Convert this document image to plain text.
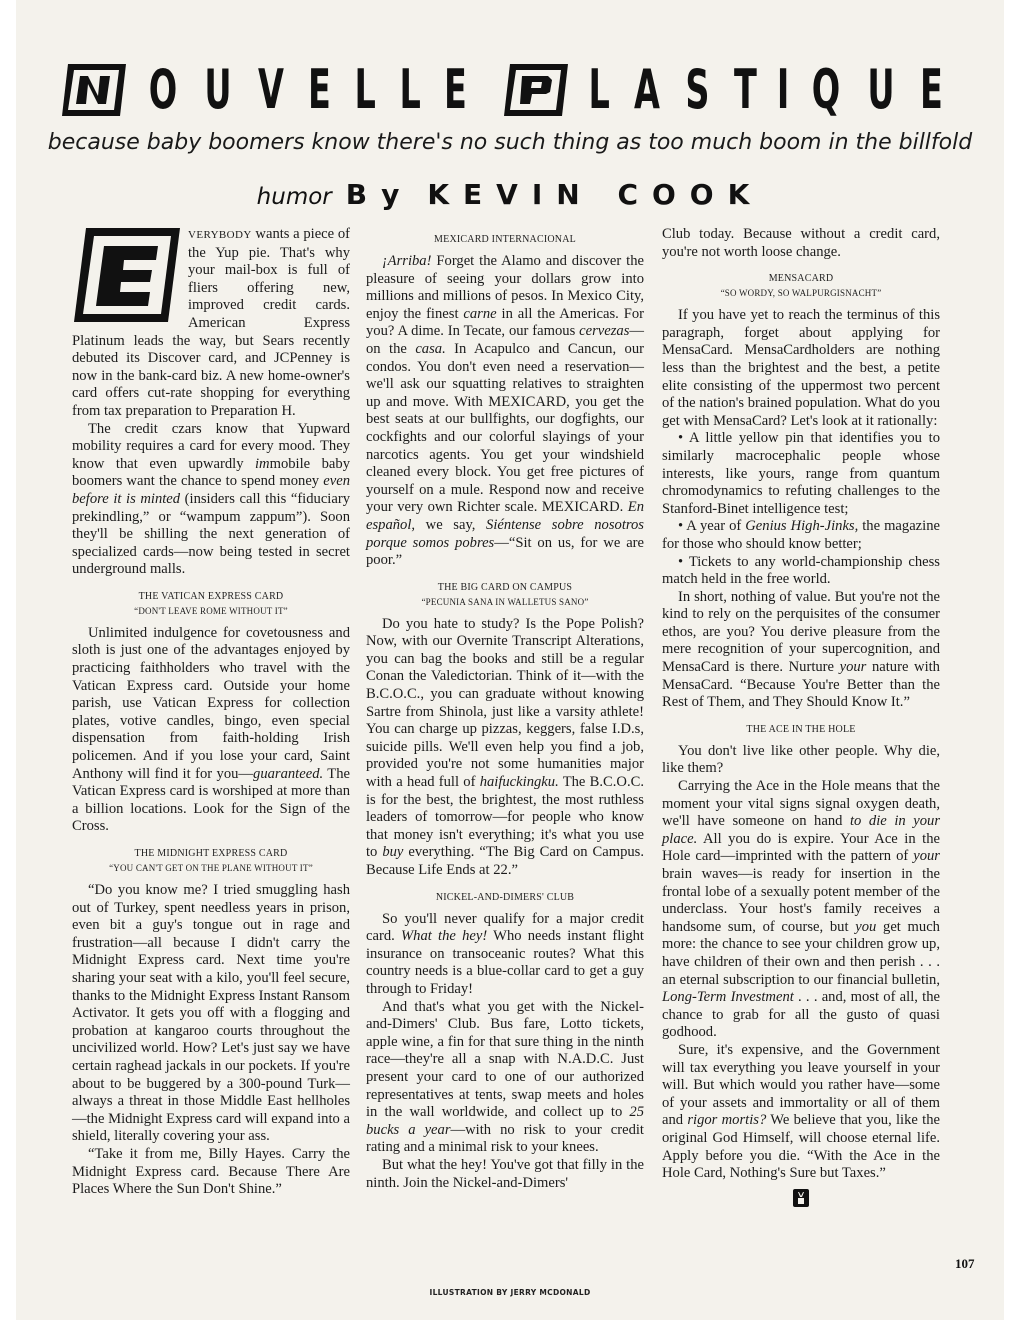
O U V E L L E L A S T I Q U E
because baby boomers know there's no such thing as too much boom in the billfold
humor By KEVIN COOK

VERYBODY wants a piece of the Yup pie. That's why your mail-box is full of fliers offering new, improved credit cards. American Express Platinum leads the way, but Sears recently debuted its Discover card, and JCPenney is now in the bank-card biz. A new home-owner's card offers cut-rate shopping for everything from tax preparation to Preparation H.

The credit czars know that Yupward mobility requires a card for every mood. They know that even upwardly immobile baby boomers want the chance to spend money even before it is minted (insiders call this “fiduciary prekindling,” or “wampum zappum”). Soon they'll be shilling the next generation of specialized cards—now being tested in secret underground malls.

THE VATICAN EXPRESS CARD
“DON'T LEAVE ROME WITHOUT IT”

Unlimited indulgence for covetousness and sloth is just one of the advantages enjoyed by practicing faithholders who travel with the Vatican Express card. Outside your home parish, use Vatican Express for collection plates, votive candles, bingo, even special dispensation from faith-holding Irish policemen. And if you lose your card, Saint Anthony will find it for you—guaranteed. The Vatican Express card is worshiped at more than a billion locations. Look for the Sign of the Cross.

THE MIDNIGHT EXPRESS CARD
“YOU CAN'T GET ON THE PLANE WITHOUT IT”

“Do you know me? I tried smuggling hash out of Turkey, spent needless years in prison, even bit a guy's tongue out in rage and frustration—all because I didn't carry the Midnight Express card. Next time you're sharing your seat with a kilo, you'll feel secure, thanks to the Midnight Express Instant Ransom Activator. It gets you off with a flogging and probation at kangaroo courts throughout the uncivilized world. How? Let's just say we have certain raghead jackals in our pockets. If you're about to be buggered by a 300-pound Turk—always a threat in those Middle East hellholes—the Midnight Express card will expand into a shield, literally covering your ass.

“Take it from me, Billy Hayes. Carry the Midnight Express card. Because There Are Places Where the Sun Don't Shine.”

MEXICARD INTERNACIONAL

¡Arriba! Forget the Alamo and discover the pleasure of seeing your dollars grow into millions and millions of pesos. In Mexico City, enjoy the finest carne in all the Americas. For you? A dime. In Tecate, our famous cervezas—on the casa. In Acapulco and Cancun, our condos. You don't even need a reservation—we'll ask our squatting relatives to straighten up and move. With MEXICARD, you get the best seats at our bullfights, our dogfights, our cockfights and our colorful slayings of your narcotics agents. You get your windshield cleaned every block. You get free pictures of yourself on a mule. Respond now and receive your very own Richter scale. MEXICARD. En español, we say, Siéntense sobre nosotros porque somos pobres—“Sit on us, for we are poor.”

THE BIG CARD ON CAMPUS
“PECUNIA SANA IN WALLETUS SANO”

Do you hate to study? Is the Pope Polish? Now, with our Overnite Transcript Alterations, you can bag the books and still be a regular Conan the Valedictorian. Think of it—with the B.C.O.C., you can graduate without knowing Sartre from Shinola, just like a varsity athlete! You can charge up pizzas, keggers, false I.D.s, suicide pills. We'll even help you find a job, provided you're not some humanities major with a head full of haifuckingku. The B.C.O.C. is for the best, the brightest, the most ruthless leaders of tomorrow—for people who know that money isn't everything; it's what you use to buy everything. “The Big Card on Campus. Because Life Ends at 22.”

NICKEL-AND-DIMERS' CLUB

So you'll never qualify for a major credit card. What the hey! Who needs instant flight insurance on transoceanic routes? What this country needs is a blue-collar card to get a guy through to Friday!

And that's what you get with the Nickel-and-Dimers' Club. Bus fare, Lotto tickets, apple wine, a fin for that sure thing in the ninth race—they're all a snap with N.A.D.C. Just present your card to one of our authorized representatives at tents, swap meets and holes in the wall worldwide, and collect up to 25 bucks a year—with no risk to your credit rating and a minimal risk to your knees.

But what the hey! You've got that filly in the ninth. Join the Nickel-and-Dimers'

Club today. Because without a credit card, you're not worth loose change.

MENSACARD
“SO WORDY, SO WALPURGISNACHT”

If you have yet to reach the terminus of this paragraph, forget about applying for MensaCard. MensaCardholders are nothing less than the brightest and the best, a petite elite consisting of the uppermost two percent of the nation's brained population. What do you get with MensaCard? Let's look at it rationally:

• A little yellow pin that identifies you to similarly macrocephalic people whose interests, like yours, range from quantum chromodynamics to refuting challenges to the Stanford-Binet intelligence test;

• A year of Genius High-Jinks, the magazine for those who should know better;

• Tickets to any world-championship chess match held in the free world.

In short, nothing of value. But you're not the kind to rely on the perquisites of the consumer ethos, are you? You derive pleasure from the mere recognition of your supercognition, and MensaCard is there. Nurture your nature with MensaCard. “Because You're Better than the Rest of Them, and They Should Know It.”

THE ACE IN THE HOLE

You don't live like other people. Why die, like them?

Carrying the Ace in the Hole means that the moment your vital signs signal oxygen death, we'll have someone on hand to die in your place. All you do is expire. Your Ace in the Hole card—imprinted with the pattern of your brain waves—is ready for insertion in the frontal lobe of a sexually potent member of the underclass. Your host's family receives a handsome sum, of course, but you get much more: the chance to see your children grow up, have children of their own and then perish . . . an eternal subscription to our financial bulletin, Long-Term Investment . . . and, most of all, the chance to grab for all the gusto of quasi godhood.

Sure, it's expensive, and the Government will tax everything you leave yourself in your will. But which would you rather have—some of your assets and immortality or all of them and rigor mortis? We believe that you, like the original God Himself, will choose eternal life. Apply before you die. “With the Ace in the Hole Card, Nothing's Sure but Taxes.”

107
ILLUSTRATION BY JERRY MCDONALD
